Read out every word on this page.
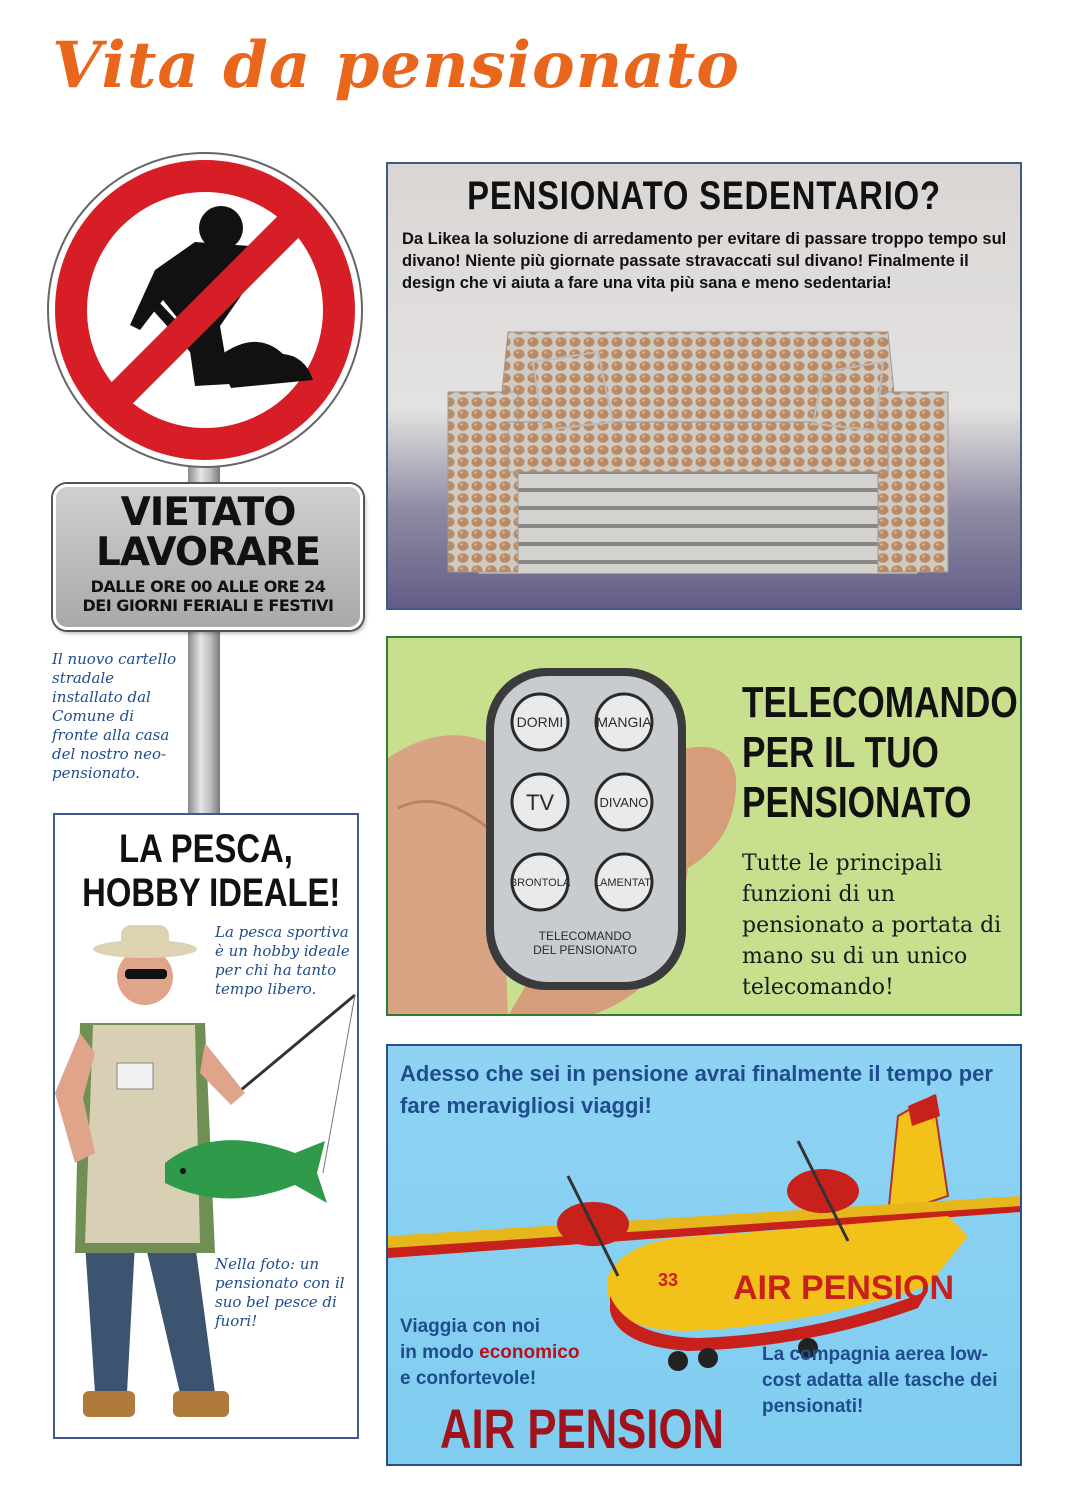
Vita da pensionato
VIETATO
LAVORARE
DALLE ORE 00 ALLE ORE 24
DEI GIORNI FERIALI E FESTIVI
Il nuovo cartello stradale installato dal Comune di fronte alla casa del nostro neo-pensionato.
PENSIONATO SEDENTARIO?
Da Likea la soluzione di arredamento per evitare di passare troppo tempo sul divano! Niente più giornate passate stravaccati sul divano! Finalmente il design che vi aiuta a fare una vita più sana e meno sedentaria!
DORMI MANGIA
TV	DIVANO
BRONTOLA LAMENTATI
TELECOMANDO
DEL PENSIONATO
TELECOMANDO
PER IL TUO
PENSIONATO
Tutte le principali funzioni di un pensionato a portata di mano su di un unico telecomando!
LA PESCA,
HOBBY IDEALE!
La pesca sportiva è un hobby ideale per chi ha tanto tempo libero.
Nella foto: un pensionato con il suo bel pesce di fuori!
Adesso che sei in pensione avrai finalmente il tempo per fare meravigliosi viaggi!
33 AIR PENSION
Viaggia con noi
in modo economico
e confortevole!
La compagnia aerea low-cost adatta alle tasche dei pensionati!
AIR PENSION
